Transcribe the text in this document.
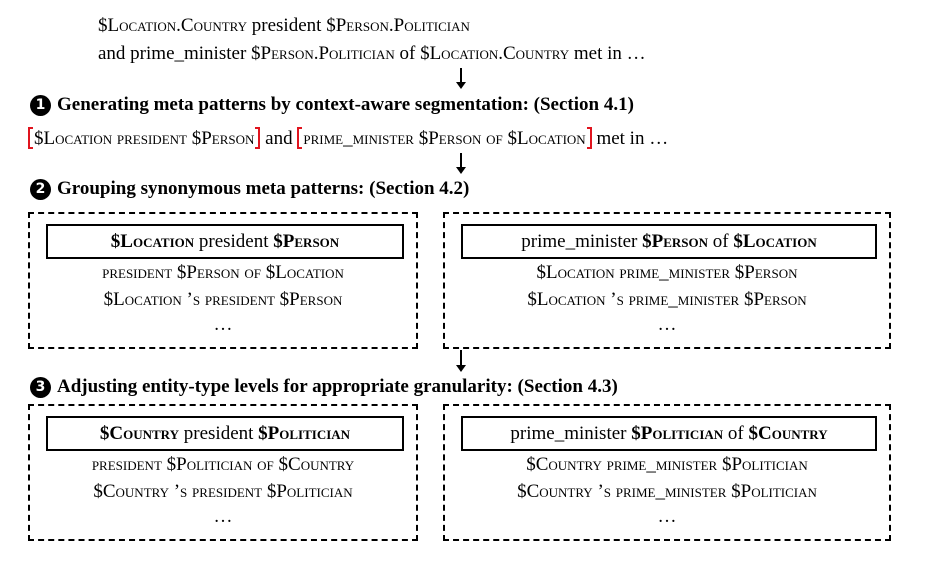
$Location.Country president $Person.Politician
and prime_minister $Person.Politician of $Location.Country met in …
1 Generating meta patterns by context-aware segmentation: (Section 4.1)
$Location president $Person and prime_minister $Person of $Location met in …
2 Grouping synonymous meta patterns: (Section 4.2)
$Location president $Person
president $Person of $Location
$Location ’s president $Person
…
prime_minister $Person of $Location
$Location prime_minister $Person
$Location ’s prime_minister $Person
…
3 Adjusting entity-type levels for appropriate granularity: (Section 4.3)
$Country president $Politician
president $Politician of $Country
$Country ’s president $Politician
…
prime_minister $Politician of $Country
$Country prime_minister $Politician
$Country ’s prime_minister $Politician
…
